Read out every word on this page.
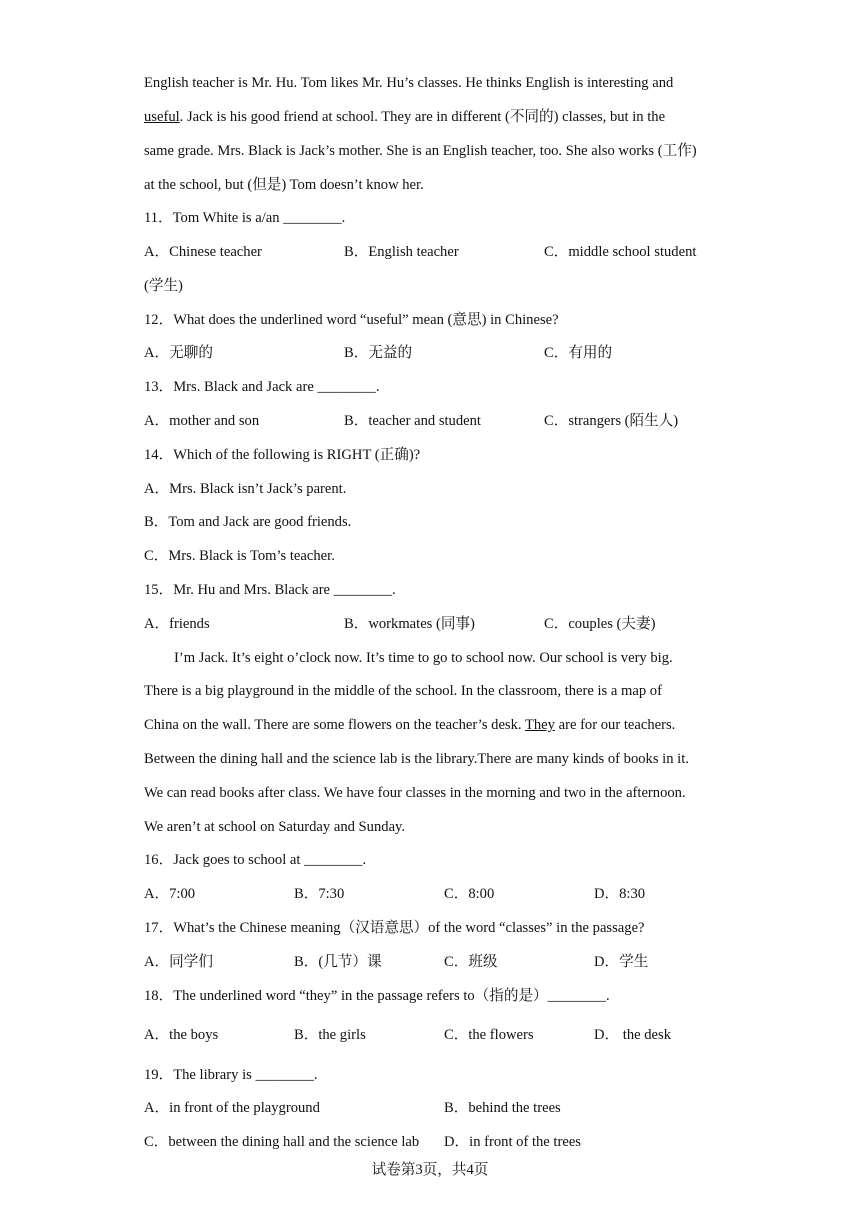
English teacher is Mr. Hu. Tom likes Mr. Hu’s classes. He thinks English is interesting and
useful. Jack is his good friend at school. They are in different (不同的) classes, but in the
same grade. Mrs. Black is Jack’s mother. She is an English teacher, too. She also works (工作)
at the school, but (但是) Tom doesn’t know her.
11．Tom White is a/an ________.
A．Chinese teacher	B．English teacher	C．middle school student
(学生)
12．What does the underlined word “useful” mean (意思) in Chinese?
A．无聊的	B．无益的	C．有用的
13．Mrs. Black and Jack are ________.
A．mother and son	B．teacher and student	C．strangers (陌生人)
14．Which of the following is RIGHT (正确)?
A．Mrs. Black isn’t Jack’s parent.
B．Tom and Jack are good friends.
C．Mrs. Black is Tom’s teacher.
15．Mr. Hu and Mrs. Black are ________.
A．friends	B．workmates (同事)	C．couples (夫妻)
I’m Jack. It’s eight o’clock now. It’s time to go to school now. Our school is very big.
There is a big playground in the middle of the school. In the classroom, there is a map of
China on the wall. There are some flowers on the teacher’s desk. They are for our teachers.
Between the dining hall and the science lab is the library.There are many kinds of books in it.
We can read books after class. We have four classes in the morning and two in the afternoon.
We aren’t at school on Saturday and Sunday.
16．Jack goes to school at ________.
A．7:00	B．7:30	C．8:00	D．8:30
17．What’s the Chinese meaning（汉语意思）of the word “classes” in the passage?
A．同学们	B．(几节）课	C．班级	D．学生
18．The underlined word “they” in the passage refers to（指的是）________.
A．the boys	B．the girls	C．the flowers	D． the desk
19．The library is ________.
A．in front of the playground	B．behind the trees
C．between the dining hall and the science lab D．in front of the trees
试卷第3页，共4页
